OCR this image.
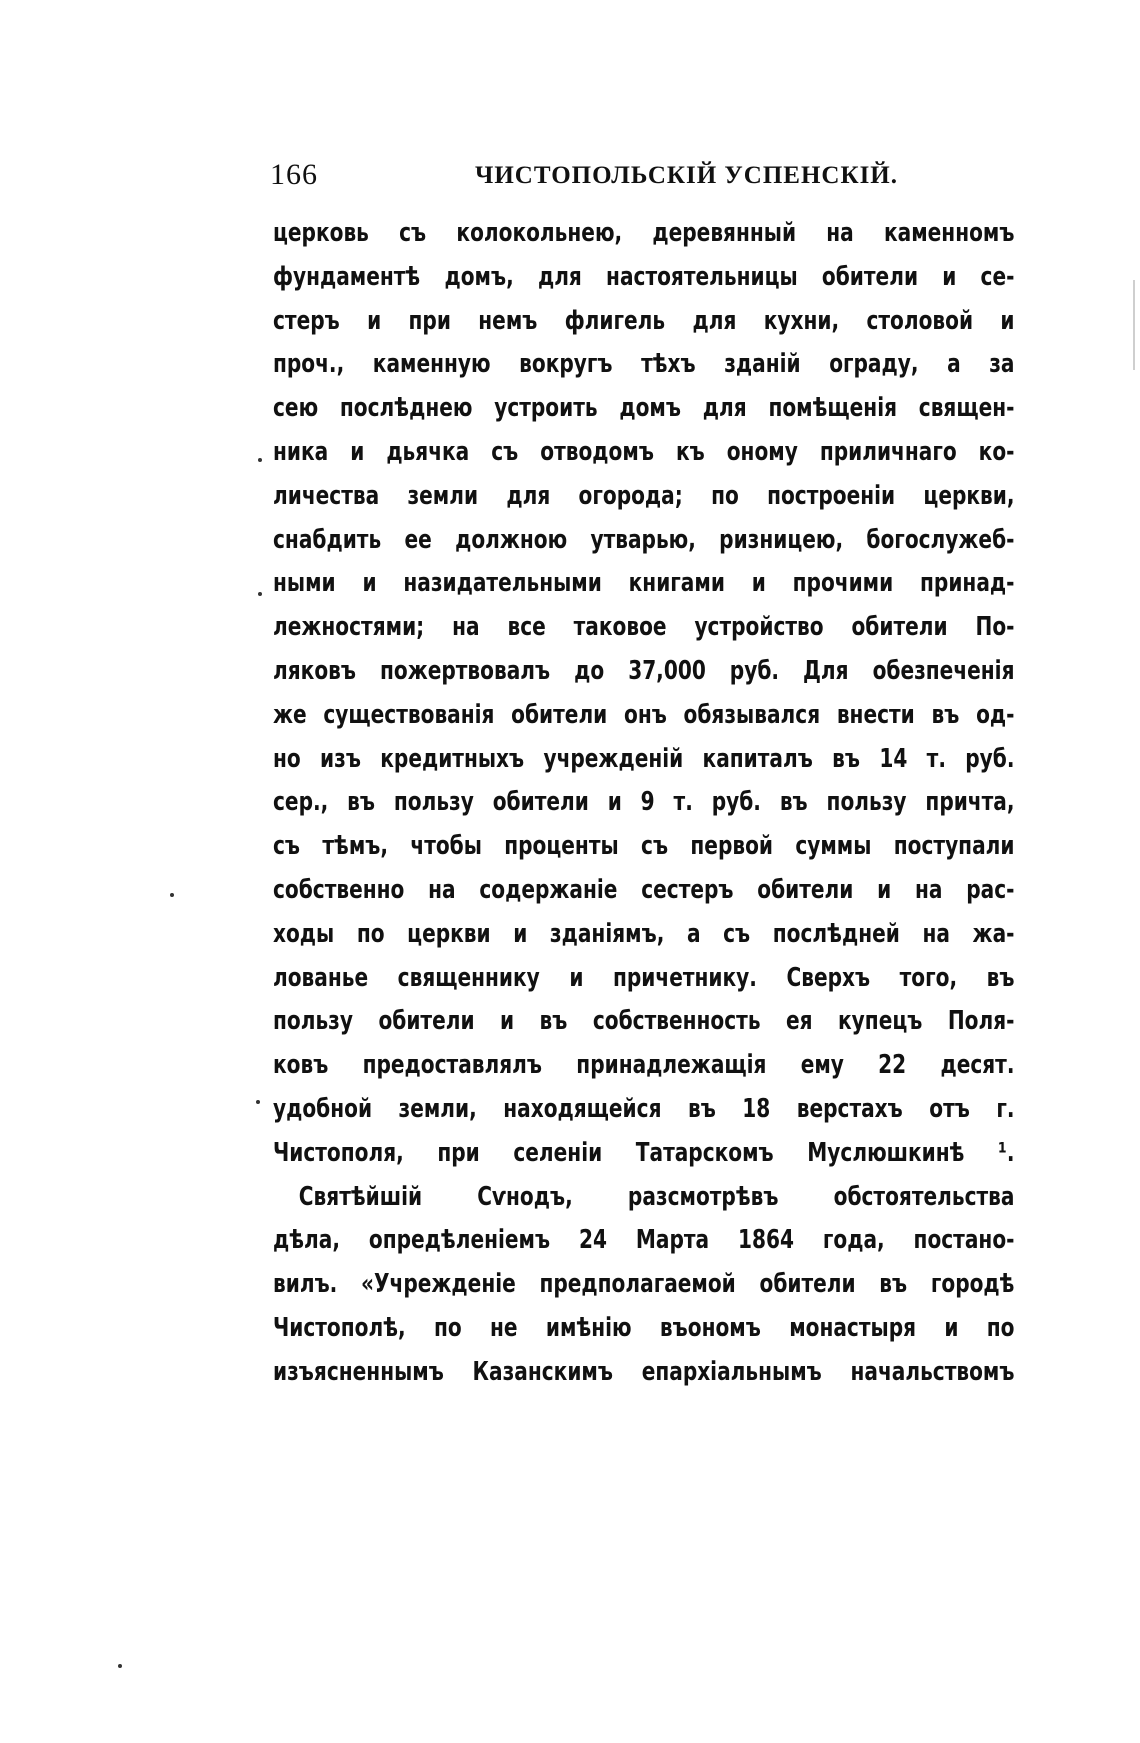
166	ЧИСТОПОЛЬСКІЙ УСПЕНСКІЙ.
церковь съ колокольнею, деревянный на каменномъ
фундаментѣ домъ, для настоятельницы обители и се-
стеръ и при немъ флигель для кухни, столовой и
проч., каменную вокругъ тѣхъ зданій ограду, а за
сею послѣднею устроить домъ для помѣщенія священ-
ника и дьячка съ отводомъ къ оному приличнаго ко-
личества земли для огорода; по построеніи церкви,
снабдить ее должною утварью, ризницею, богослужеб-
ными и назидательными книгами и прочими принад-
лежностями; на все таковое устройство обители По-
ляковъ пожертвовалъ до 37,000 руб. Для обезпеченія
же существованія обители онъ обязывался внести въ од-
но изъ кредитныхъ учрежденій капиталъ въ 14 т. руб.
сер., въ пользу обители и 9 т. руб. въ пользу причта,
съ тѣмъ, чтобы проценты съ первой суммы поступали
собственно на содержаніе сестеръ обители и на рас-
ходы по церкви и зданіямъ, а съ послѣдней на жа-
лованье священнику и причетнику. Сверхъ того, въ
пользу обители и въ собственность ея купецъ Поля-
ковъ предоставлялъ принадлежащія ему 22 десят.
удобной земли, находящейся въ 18 верстахъ отъ г.
Чистополя, при селеніи Татарскомъ Муслюшкинѣ ¹.
Святѣйшій Сѵнодъ, разсмотрѣвъ обстоятельства
дѣла, опредѣленіемъ 24 Марта 1864 года, постано-
вилъ. «Учрежденіе предполагаемой обители въ городѣ
Чистополѣ, по не имѣнію въономъ монастыря и по
изъясненнымъ Казанскимъ епархіальнымъ начальствомъ
